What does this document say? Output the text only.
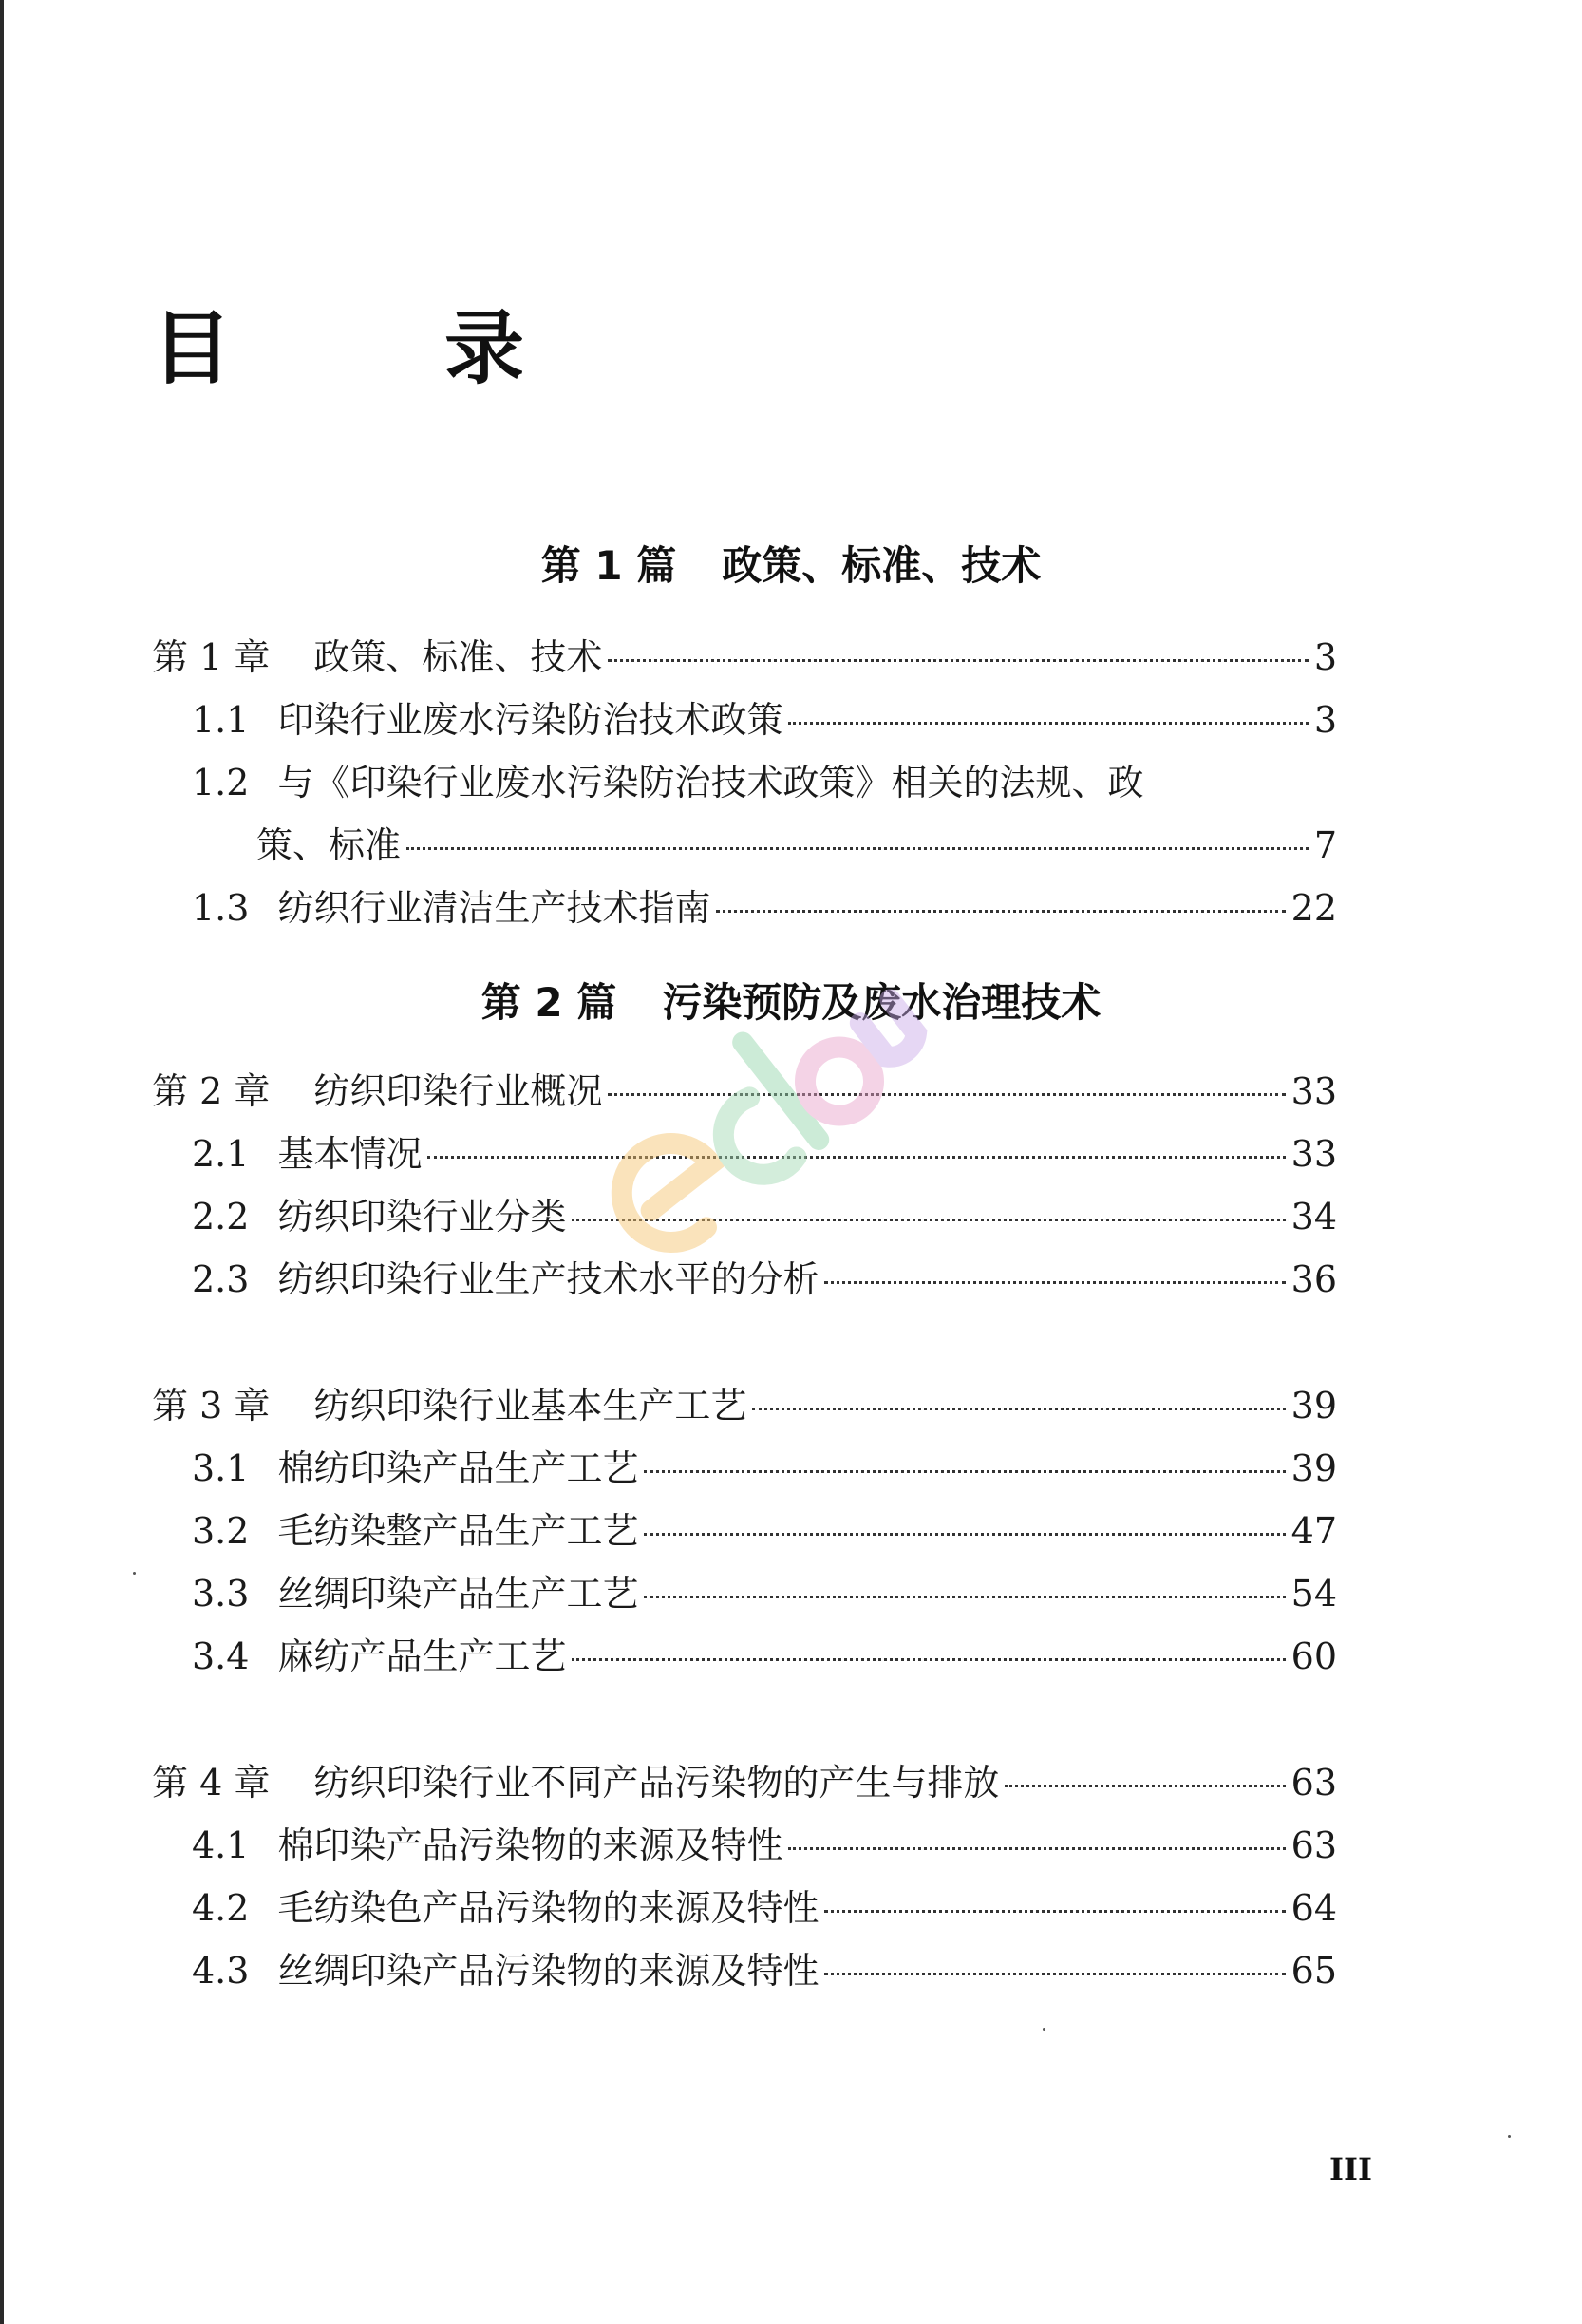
目　录
第 1 篇 政策、标准、技术
第 1 章 政策、标准、技术	3
1.1 印染行业废水污染防治技术政策	3
1.2 与《印染行业废水污染防治技术政策》相关的法规、政
策、标准	7
1.3 纺织行业清洁生产技术指南	22
第 2 篇 污染预防及废水治理技术
第 2 章 纺织印染行业概况	33
2.1 基本情况	33
2.2 纺织印染行业分类	34
2.3 纺织印染行业生产技术水平的分析	36
第 3 章 纺织印染行业基本生产工艺	39
3.1 棉纺印染产品生产工艺	39
3.2 毛纺染整产品生产工艺	47
3.3 丝绸印染产品生产工艺	54
3.4 麻纺产品生产工艺	60
第 4 章 纺织印染行业不同产品污染物的产生与排放	63
4.1 棉印染产品污染物的来源及特性	63
4.2 毛纺染色产品污染物的来源及特性	64
4.3 丝绸印染产品污染物的来源及特性	65
III
